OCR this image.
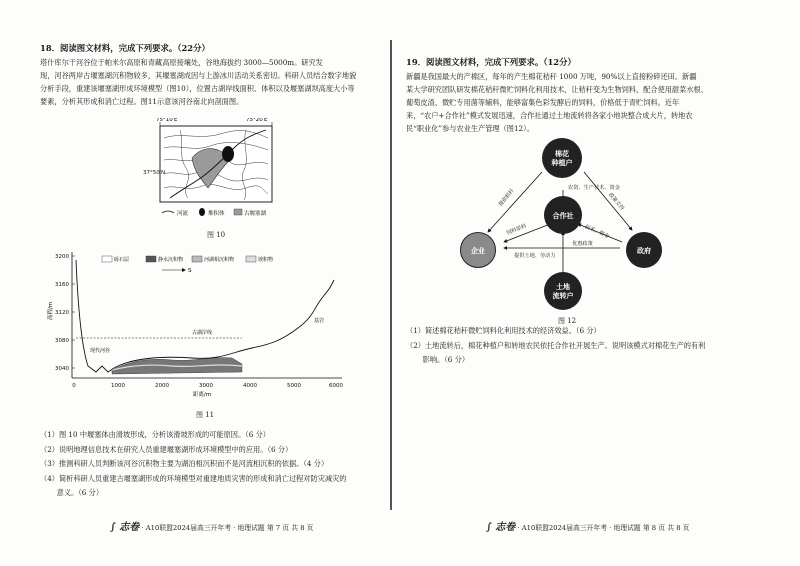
18．阅读图文材料，完成下列要求。（22分）
塔什库尔干河谷位于帕米尔高原和青藏高原接壤处，谷地海拔约 3000—5000m。研究发
现，河谷两岸古堰塞湖沉积物较多，其堰塞湖成因与上游冰川活动关系密切。科研人员结合数字地貌
分析手段，重建该堰塞湖形成环境模型（图10），位置古湖岸线面积、体积以及堰塞湖坝高度大小等
要素，分析其形成和消亡过程。图11示意该河谷南北向剖面图。
75°10′E	75°20′E
河流	堆积体	古堰塞湖
37°50′N
图 10
3200
3160
3120
3080
3040
高程/m
0	1000	2000	3000	4000	5000	6000
距离/m
砾石层	静水沉积物	河湖相沉积物	坡积物
S
古湖岸线
现代河谷
基岩
图 11
（1）图 10 中堰塞体由滑坡形成，分析该滑坡形成的可能原因。（6 分）
（2）说明地理信息技术在研究人员重建堰塞湖形成环境模型中的应用。（6 分）
（3）推测科研人员判断该河谷沉积物主要为湖泊相沉积而不是河流相沉积的依据。（4 分）
（4）简析科研人员重建古堰塞湖形成的环境模型对重建地质灾害的形成和消亡过程对防灾减灾的
　　 意义。（6 分）
∫ 志卷 · A10联盟2024届高三开年考 · 地理试题 第 7 页 共 8 页
19．阅读图文材料，完成下列要求。（12分）
新疆是我国最大的产棉区，每年的产生棉花秸秆 1000 万吨，90%以上直接粉碎还田。新疆
某大学研究团队研发棉花秸秆微贮饲料化利用技术，让秸秆变为生物饲料，配合使用甜菜水根、
葡萄皮渣、微贮专用菌等辅料，能够富集色彩发酵后的饲料，价格低于青贮饲料。近年
来，“农户+合作社”模式发展迅速，合作社通过土地流转将各家小地块整合成大片，转地农
民“职业化”参与农业生产管理（图12）。
棉花
种植户
合作社
企业	政府
土地
流转户
农资、生产技术、资金
提供秸秆
饲料原料
政策支持
技术、资金
优惠政策
提供土地、劳动力
图 12
（1）简述棉花秸秆微贮饲料化利用技术的经济效益。（6 分）
（2）土地流转后，棉花种植户和转地农民依托合作社开展生产。说明该模式对棉花生产的有利
　　 影响。（6 分）
∫ 志卷 · A10联盟2024届高三开年考 · 地理试题 第 8 页 共 8 页
